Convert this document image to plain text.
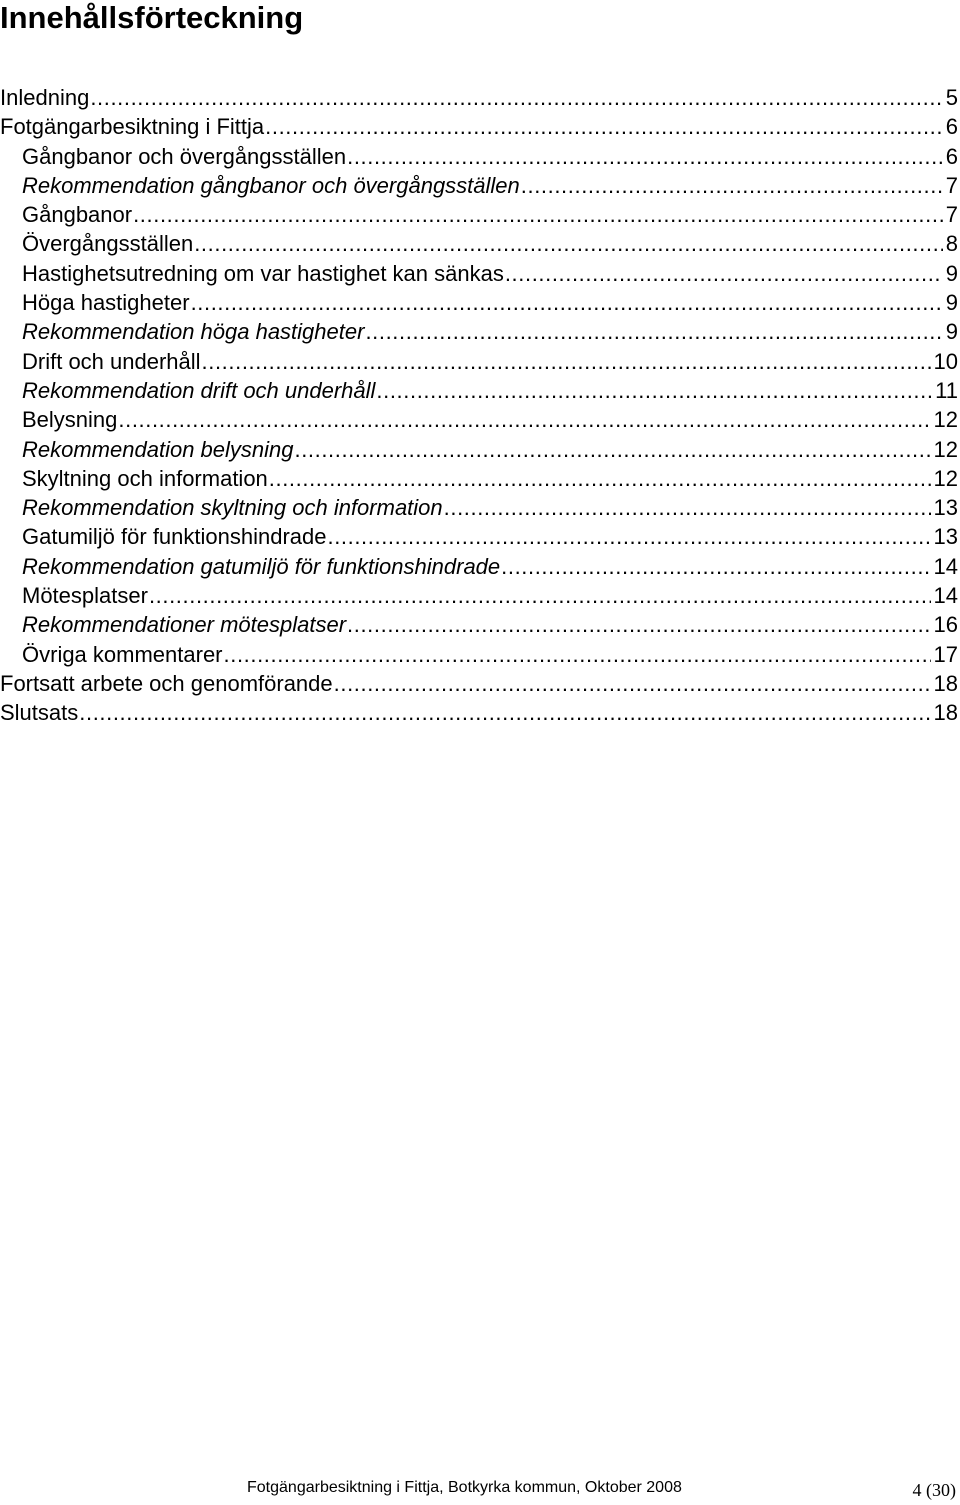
Innehållsförteckning
Inledning .....	5
Fotgängarbesiktning i Fittja .....	6
Gångbanor och övergångsställen .....	6
Rekommendation gångbanor och övergångsställen .....	7
Gångbanor .....	7
Övergångsställen .....	8
Hastighetsutredning om var hastighet kan sänkas .....	9
Höga hastigheter .....	9
Rekommendation höga hastigheter .....	9
Drift och underhåll .....	10
Rekommendation drift och underhåll .....	11
Belysning .....	12
Rekommendation belysning .....	12
Skyltning och information .....	12
Rekommendation skyltning och information .....	13
Gatumiljö för funktionshindrade .....	13
Rekommendation gatumiljö för funktionshindrade .....	14
Mötesplatser .....	14
Rekommendationer mötesplatser .....	16
Övriga kommentarer .....	17
Fortsatt arbete och genomförande .....	18
Slutsats .....	18
Fotgängarbesiktning i Fittja, Botkyrka kommun, Oktober 2008	4 (30)
